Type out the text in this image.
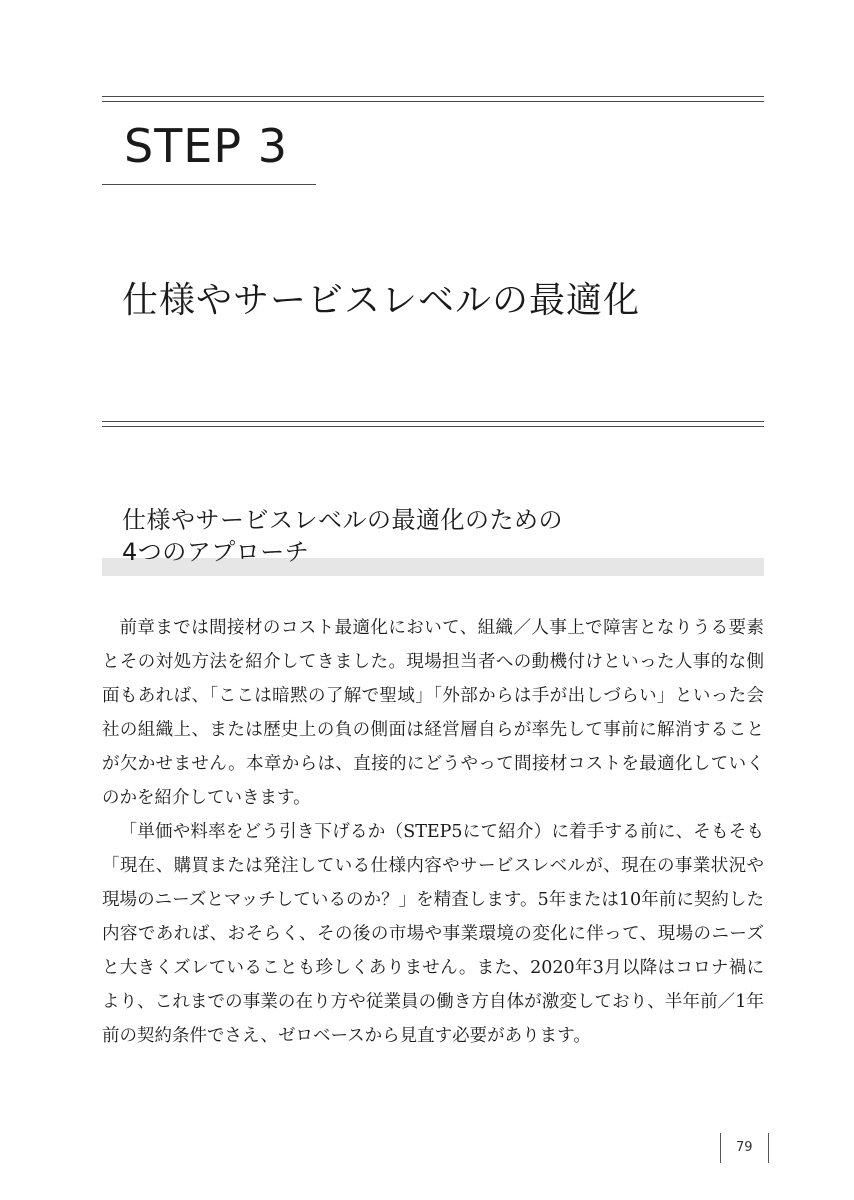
STEP 3
仕様やサービスレベルの最適化
仕様やサービスレベルの最適化のための
4つのアプローチ

前章までは間接材のコスト最適化において、組織／人事上で障害となりうる要素とその対処方法を紹介してきました。現場担当者への動機付けといった人事的な側面もあれば、「ここは暗黙の了解で聖域」「外部からは手が出しづらい」といった会社の組織上、または歴史上の負の側面は経営層自らが率先して事前に解消することが欠かせません。本章からは、直接的にどうやって間接材コストを最適化していくのかを紹介していきます。

「単価や料率をどう引き下げるか（STEP5にて紹介）に着手する前に、そもそも「現在、購買または発注している仕様内容やサービスレベルが、現在の事業状況や現場のニーズとマッチしているのか？」を精査します。5年または10年前に契約した内容であれば、おそらく、その後の市場や事業環境の変化に伴って、現場のニーズと大きくズレていることも珍しくありません。また、2020年3月以降はコロナ禍により、これまでの事業の在り方や従業員の働き方自体が激変しており、半年前／1年前の契約条件でさえ、ゼロベースから見直す必要があります。

79
